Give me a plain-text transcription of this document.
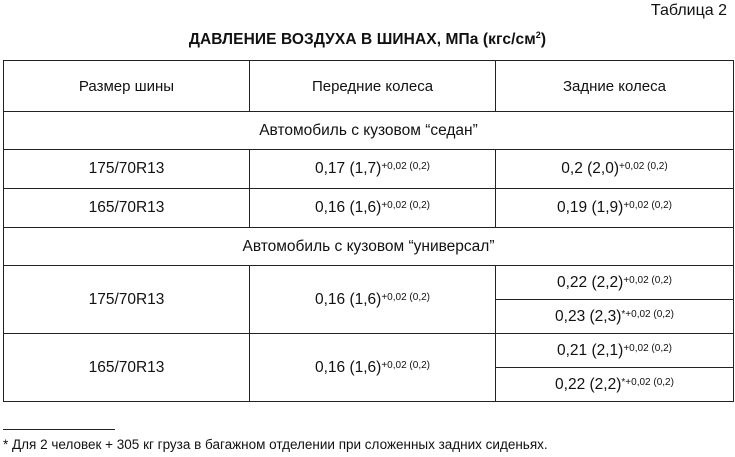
Таблица 2
ДАВЛЕНИЕ ВОЗДУХА В ШИНАХ, МПа $(кгс/см^2)$
Размер шины	Передние колеса	Задние колеса
Автомобиль с кузовом “седан”		
175/70R13	0,17 $(1,7)^{+0,02 (0,2)}$	0,2 $(2,0)^{+0,02 (0,2)}$
165/70R13	0,16 $(1,6)^{+0,02 (0,2)}$	0,19 $(1,9)^{+0,02 (0,2)}$
Автомобиль с кузовом “универсал”		
175/70R13	0,16 $(1,6)^{+0,02 (0,2)}$	0,22 $(2,2)^{+0,02 (0,2)}$
		0,23 $(2,3)^{*+0,02 (0,2)}$
165/70R13	0,16 $(1,6)^{+0,02 (0,2)}$	0,21 $(2,1)^{+0,02 (0,2)}$
		0,22 $(2,2)^{*+0,02 (0,2)}$
* Для 2 человек + 305 кг груза в багажном отделении при сложенных задних сиденьях.
